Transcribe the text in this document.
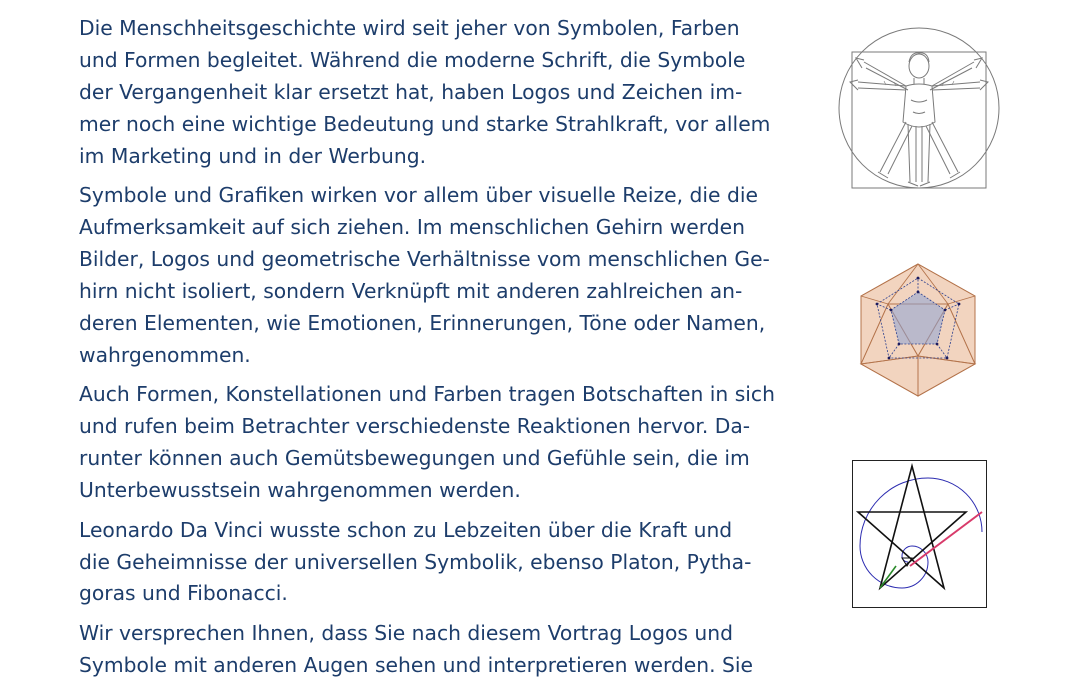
Die Menschheitsgeschichte wird seit jeher von Symbolen, Farben
und Formen begleitet. Während die moderne Schrift, die Symbole
der Vergangenheit klar ersetzt hat, haben Logos und Zeichen im-
mer noch eine wichtige Bedeutung und starke Strahlkraft, vor allem
im Marketing und in der Werbung.

Symbole und Grafiken wirken vor allem über visuelle Reize, die die
Aufmerksamkeit auf sich ziehen. Im menschlichen Gehirn werden
Bilder, Logos und geometrische Verhältnisse vom menschlichen Ge-
hirn nicht isoliert, sondern Verknüpft mit anderen zahlreichen an-
deren Elementen, wie Emotionen, Erinnerungen, Töne oder Namen,
wahrgenommen.

Auch Formen, Konstellationen und Farben tragen Botschaften in sich
und rufen beim Betrachter verschiedenste Reaktionen hervor. Da-
runter können auch Gemütsbewegungen und Gefühle sein, die im
Unterbewusstsein wahrgenommen werden.

Leonardo Da Vinci wusste schon zu Lebzeiten über die Kraft und
die Geheimnisse der universellen Symbolik, ebenso Platon, Pytha-
goras und Fibonacci.

Wir versprechen Ihnen, dass Sie nach diesem Vortrag Logos und
Symbole mit anderen Augen sehen und interpretieren werden. Sie
